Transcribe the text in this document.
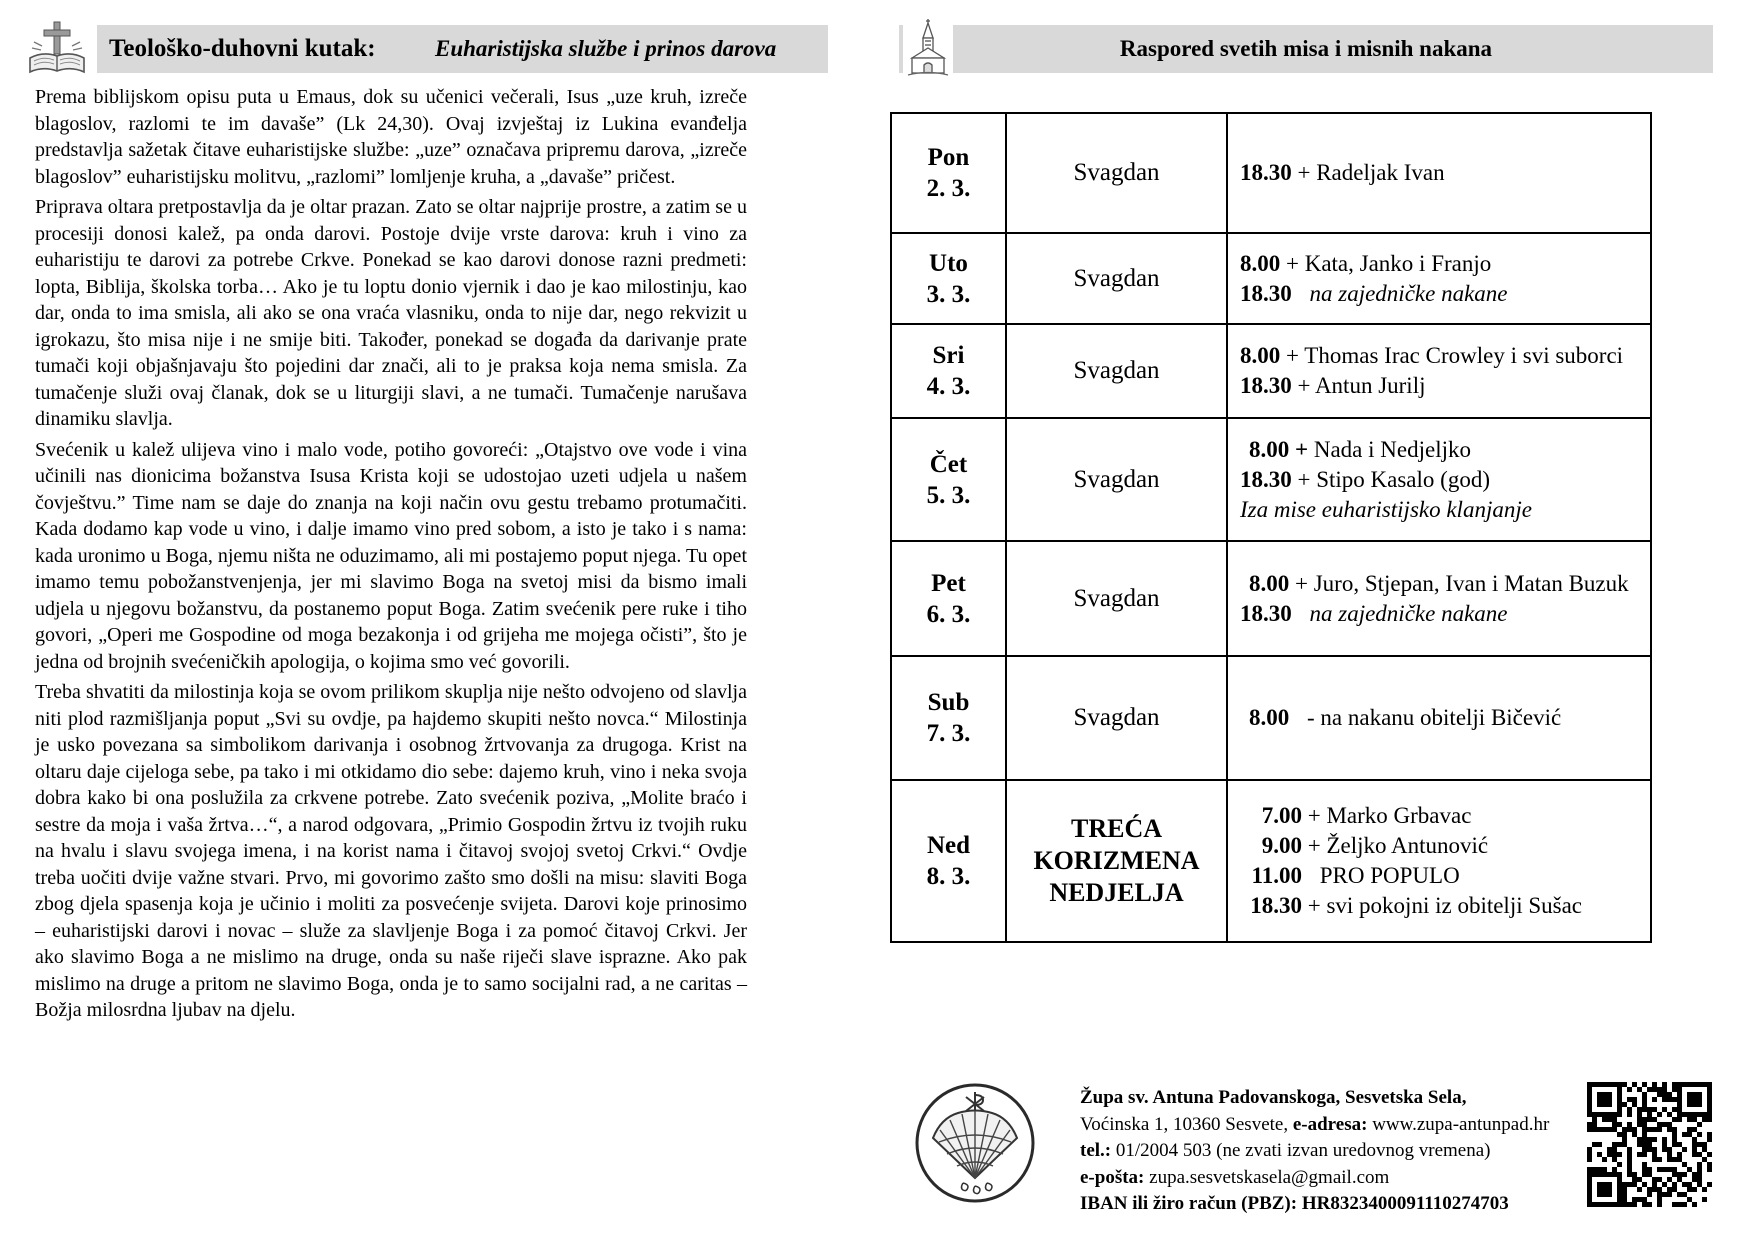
Teološko-duhovni kutak:	Euharistijska službe i prinos darova

Prema biblijskom opisu puta u Emaus, dok su učenici večerali, Isus „uze kruh, izreče blagoslov, razlomi te im davaše” (Lk 24,30). Ovaj izvještaj iz Lukina evanđelja predstavlja sažetak čitave euharistijske službe: „uze” označava pripremu darova, „izreče blagoslov” euharistijsku molitvu, „razlomi” lomljenje kruha, a „davaše” pričest.

Priprava oltara pretpostavlja da je oltar prazan. Zato se oltar najprije prostre, a zatim se u procesiji donosi kalež, pa onda darovi. Postoje dvije vrste darova: kruh i vino za euharistiju te darovi za potrebe Crkve. Ponekad se kao darovi donose razni predmeti: lopta, Biblija, školska torba… Ako je tu loptu donio vjernik i dao je kao milostinju, kao dar, onda to ima smisla, ali ako se ona vraća vlasniku, onda to nije dar, nego rekvizit u igrokazu, što misa nije i ne smije biti. Također, ponekad se događa da darivanje prate tumači koji objašnjavaju što pojedini dar znači, ali to je praksa koja nema smisla. Za tumačenje služi ovaj članak, dok se u liturgiji slavi, a ne tumači. Tumačenje narušava dinamiku slavlja.

Svećenik u kalež ulijeva vino i malo vode, potiho govoreći: „Otajstvo ove vode i vina učinili nas dionicima božanstva Isusa Krista koji se udostojao uzeti udjela u našem čovještvu.” Time nam se daje do znanja na koji način ovu gestu trebamo protumačiti. Kada dodamo kap vode u vino, i dalje imamo vino pred sobom, a isto je tako i s nama: kada uronimo u Boga, njemu ništa ne oduzimamo, ali mi postajemo poput njega. Tu opet imamo temu pobožanstvenjenja, jer mi slavimo Boga na svetoj misi da bismo imali udjela u njegovu božanstvu, da postanemo poput Boga. Zatim svećenik pere ruke i tiho govori, „Operi me Gospodine od moga bezakonja i od grijeha me mojega očisti”, što je jedna od brojnih svećeničkih apologija, o kojima smo već govorili.

Treba shvatiti da milostinja koja se ovom prilikom skuplja nije nešto odvojeno od slavlja niti plod razmišljanja poput „Svi su ovdje, pa hajdemo skupiti nešto novca.“ Milostinja je usko povezana sa simbolikom darivanja i osobnog žrtvovanja za drugoga. Krist na oltaru daje cijeloga sebe, pa tako i mi otkidamo dio sebe: dajemo kruh, vino i neka svoja dobra kako bi ona poslužila za crkvene potrebe. Zato svećenik poziva, „Molite braćo i sestre da moja i vaša žrtva…“, a narod odgovara, „Primio Gospodin žrtvu iz tvojih ruku na hvalu i slavu svojega imena, i na korist nama i čitavoj svojoj svetoj Crkvi.“ Ovdje treba uočiti dvije važne stvari. Prvo, mi govorimo zašto smo došli na misu: slaviti Boga zbog djela spasenja koja je učinio i moliti za posvećenje svijeta. Darovi koje prinosimo – euharistijski darovi i novac – služe za slavljenje Boga i za pomoć čitavoj Crkvi. Jer ako slavimo Boga a ne mislimo na druge, onda su naše riječi slave isprazne. Ako pak mislimo na druge a pritom ne slavimo Boga, onda je to samo socijalni rad, a ne caritas – Božja milosrdna ljubav na djelu.

Raspored svetih misa i misnih nakana
Pon
2. 3.	Svagdan	18.30 + Radeljak Ivan

Uto
3. 3.
	Svagdan	
8.00 + Kata, Janko i Franjo
18.30 na zajedničke nakane

Sri
4. 3.
	Svagdan	
8.00 + Thomas Irac Crowley i svi suborci
18.30 + Antun Jurilj

Čet
5. 3.
	Svagdan	
8.00 + Nada i Nedjeljko
18.30 + Stipo Kasalo (god)
Iza mise euharistijsko klanjanje

Pet
6. 3.
	Svagdan	
8.00 + Juro, Stjepan, Ivan i Matan Buzuk
18.30 na zajedničke nakane

Sub
7. 3.	Svagdan	8.00 - na nakanu obitelji Bičević

Ned
8. 3.
	TREĆA KORIZMENA NEDJELJA	
7.00 + Marko Grbavac
9.00 + Željko Antunović
11.00 PRO POPULO
18.30 + svi pokojni iz obitelji Sušac
Župa sv. Antuna Padovanskoga, Sesvetska Sela,
Voćinska 1, 10360 Sesvete, e-adresa: www.zupa-antunpad.hr
tel.: 01/2004 503 (ne zvati izvan uredovnog vremena)
e-pošta: zupa.sesvetskasela@gmail.com
IBAN ili žiro račun (PBZ): HR8323400091110274703
